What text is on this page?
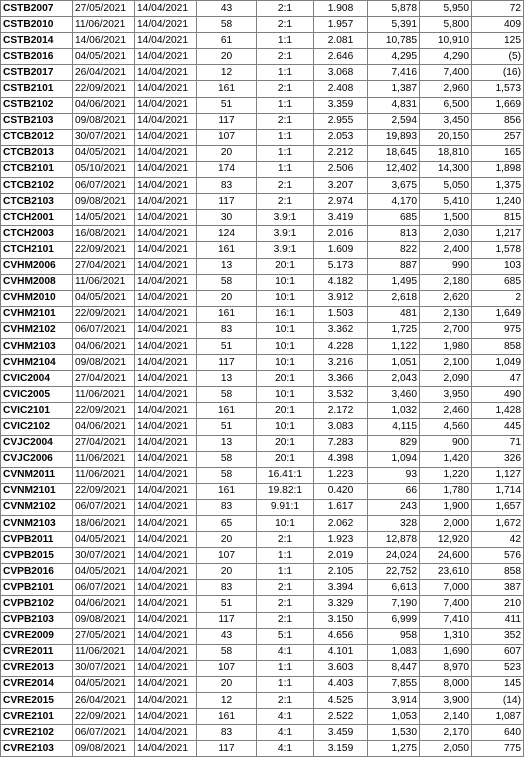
CSTB2007	27/05/2021	14/04/2021	43	2:1	1.908	5,878	5,950	72
CSTB2010	11/06/2021	14/04/2021	58	2:1	1.957	5,391	5,800	409
CSTB2014	14/06/2021	14/04/2021	61	1:1	2.081	10,785	10,910	125
CSTB2016	04/05/2021	14/04/2021	20	2:1	2.646	4,295	4,290	(5)
CSTB2017	26/04/2021	14/04/2021	12	1:1	3.068	7,416	7,400	(16)
CSTB2101	22/09/2021	14/04/2021	161	2:1	2.408	1,387	2,960	1,573
CSTB2102	04/06/2021	14/04/2021	51	1:1	3.359	4,831	6,500	1,669
CSTB2103	09/08/2021	14/04/2021	117	2:1	2.955	2,594	3,450	856
CTCB2012	30/07/2021	14/04/2021	107	1:1	2.053	19,893	20,150	257
CTCB2013	04/05/2021	14/04/2021	20	1:1	2.212	18,645	18,810	165
CTCB2101	05/10/2021	14/04/2021	174	1:1	2.506	12,402	14,300	1,898
CTCB2102	06/07/2021	14/04/2021	83	2:1	3.207	3,675	5,050	1,375
CTCB2103	09/08/2021	14/04/2021	117	2:1	2.974	4,170	5,410	1,240
CTCH2001	14/05/2021	14/04/2021	30	3.9:1	3.419	685	1,500	815
CTCH2003	16/08/2021	14/04/2021	124	3.9:1	2.016	813	2,030	1,217
CTCH2101	22/09/2021	14/04/2021	161	3.9:1	1.609	822	2,400	1,578
CVHM2006	27/04/2021	14/04/2021	13	20:1	5.173	887	990	103
CVHM2008	11/06/2021	14/04/2021	58	10:1	4.182	1,495	2,180	685
CVHM2010	04/05/2021	14/04/2021	20	10:1	3.912	2,618	2,620	2
CVHM2101	22/09/2021	14/04/2021	161	16:1	1.503	481	2,130	1,649
CVHM2102	06/07/2021	14/04/2021	83	10:1	3.362	1,725	2,700	975
CVHM2103	04/06/2021	14/04/2021	51	10:1	4.228	1,122	1,980	858
CVHM2104	09/08/2021	14/04/2021	117	10:1	3.216	1,051	2,100	1,049
CVIC2004	27/04/2021	14/04/2021	13	20:1	3.366	2,043	2,090	47
CVIC2005	11/06/2021	14/04/2021	58	10:1	3.532	3,460	3,950	490
CVIC2101	22/09/2021	14/04/2021	161	20:1	2.172	1,032	2,460	1,428
CVIC2102	04/06/2021	14/04/2021	51	10:1	3.083	4,115	4,560	445
CVJC2004	27/04/2021	14/04/2021	13	20:1	7.283	829	900	71
CVJC2006	11/06/2021	14/04/2021	58	20:1	4.398	1,094	1,420	326
CVNM2011	11/06/2021	14/04/2021	58	16.41:1	1.223	93	1,220	1,127
CVNM2101	22/09/2021	14/04/2021	161	19.82:1	0.420	66	1,780	1,714
CVNM2102	06/07/2021	14/04/2021	83	9.91:1	1.617	243	1,900	1,657
CVNM2103	18/06/2021	14/04/2021	65	10:1	2.062	328	2,000	1,672
CVPB2011	04/05/2021	14/04/2021	20	2:1	1.923	12,878	12,920	42
CVPB2015	30/07/2021	14/04/2021	107	1:1	2.019	24,024	24,600	576
CVPB2016	04/05/2021	14/04/2021	20	1:1	2.105	22,752	23,610	858
CVPB2101	06/07/2021	14/04/2021	83	2:1	3.394	6,613	7,000	387
CVPB2102	04/06/2021	14/04/2021	51	2:1	3.329	7,190	7,400	210
CVPB2103	09/08/2021	14/04/2021	117	2:1	3.150	6,999	7,410	411
CVRE2009	27/05/2021	14/04/2021	43	5:1	4.656	958	1,310	352
CVRE2011	11/06/2021	14/04/2021	58	4:1	4.101	1,083	1,690	607
CVRE2013	30/07/2021	14/04/2021	107	1:1	3.603	8,447	8,970	523
CVRE2014	04/05/2021	14/04/2021	20	1:1	4.403	7,855	8,000	145
CVRE2015	26/04/2021	14/04/2021	12	2:1	4.525	3,914	3,900	(14)
CVRE2101	22/09/2021	14/04/2021	161	4:1	2.522	1,053	2,140	1,087
CVRE2102	06/07/2021	14/04/2021	83	4:1	3.459	1,530	2,170	640
CVRE2103	09/08/2021	14/04/2021	117	4:1	3.159	1,275	2,050	775
